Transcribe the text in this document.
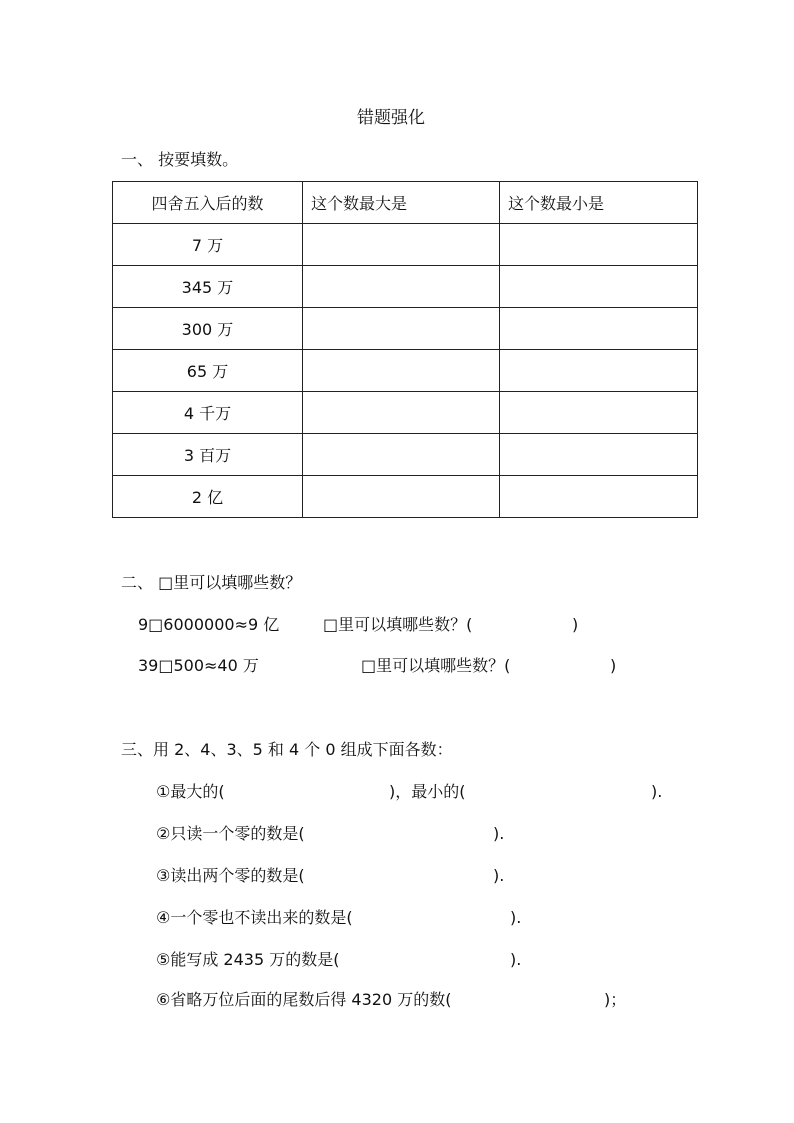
错题强化
一、 按要填数。
四舍五入后的数	这个数最大是	这个数最小是
7 万		
345 万		
300 万		
65 万		
4 千万		
3 百万		
2 亿		
二、 □里可以填哪些数？
9□6000000≈9 亿	□里可以填哪些数？(	)
39□500≈40 万	□里可以填哪些数？(	)
三、用 2、4、3、5 和 4 个 0 组成下面各数：
①最大的(	)，最小的(	).
②只读一个零的数是(	).
③读出两个零的数是(	).
④一个零也不读出来的数是(	).
⑤能写成 2435 万的数是(	).
⑥省略万位后面的尾数后得 4320 万的数(	)；
